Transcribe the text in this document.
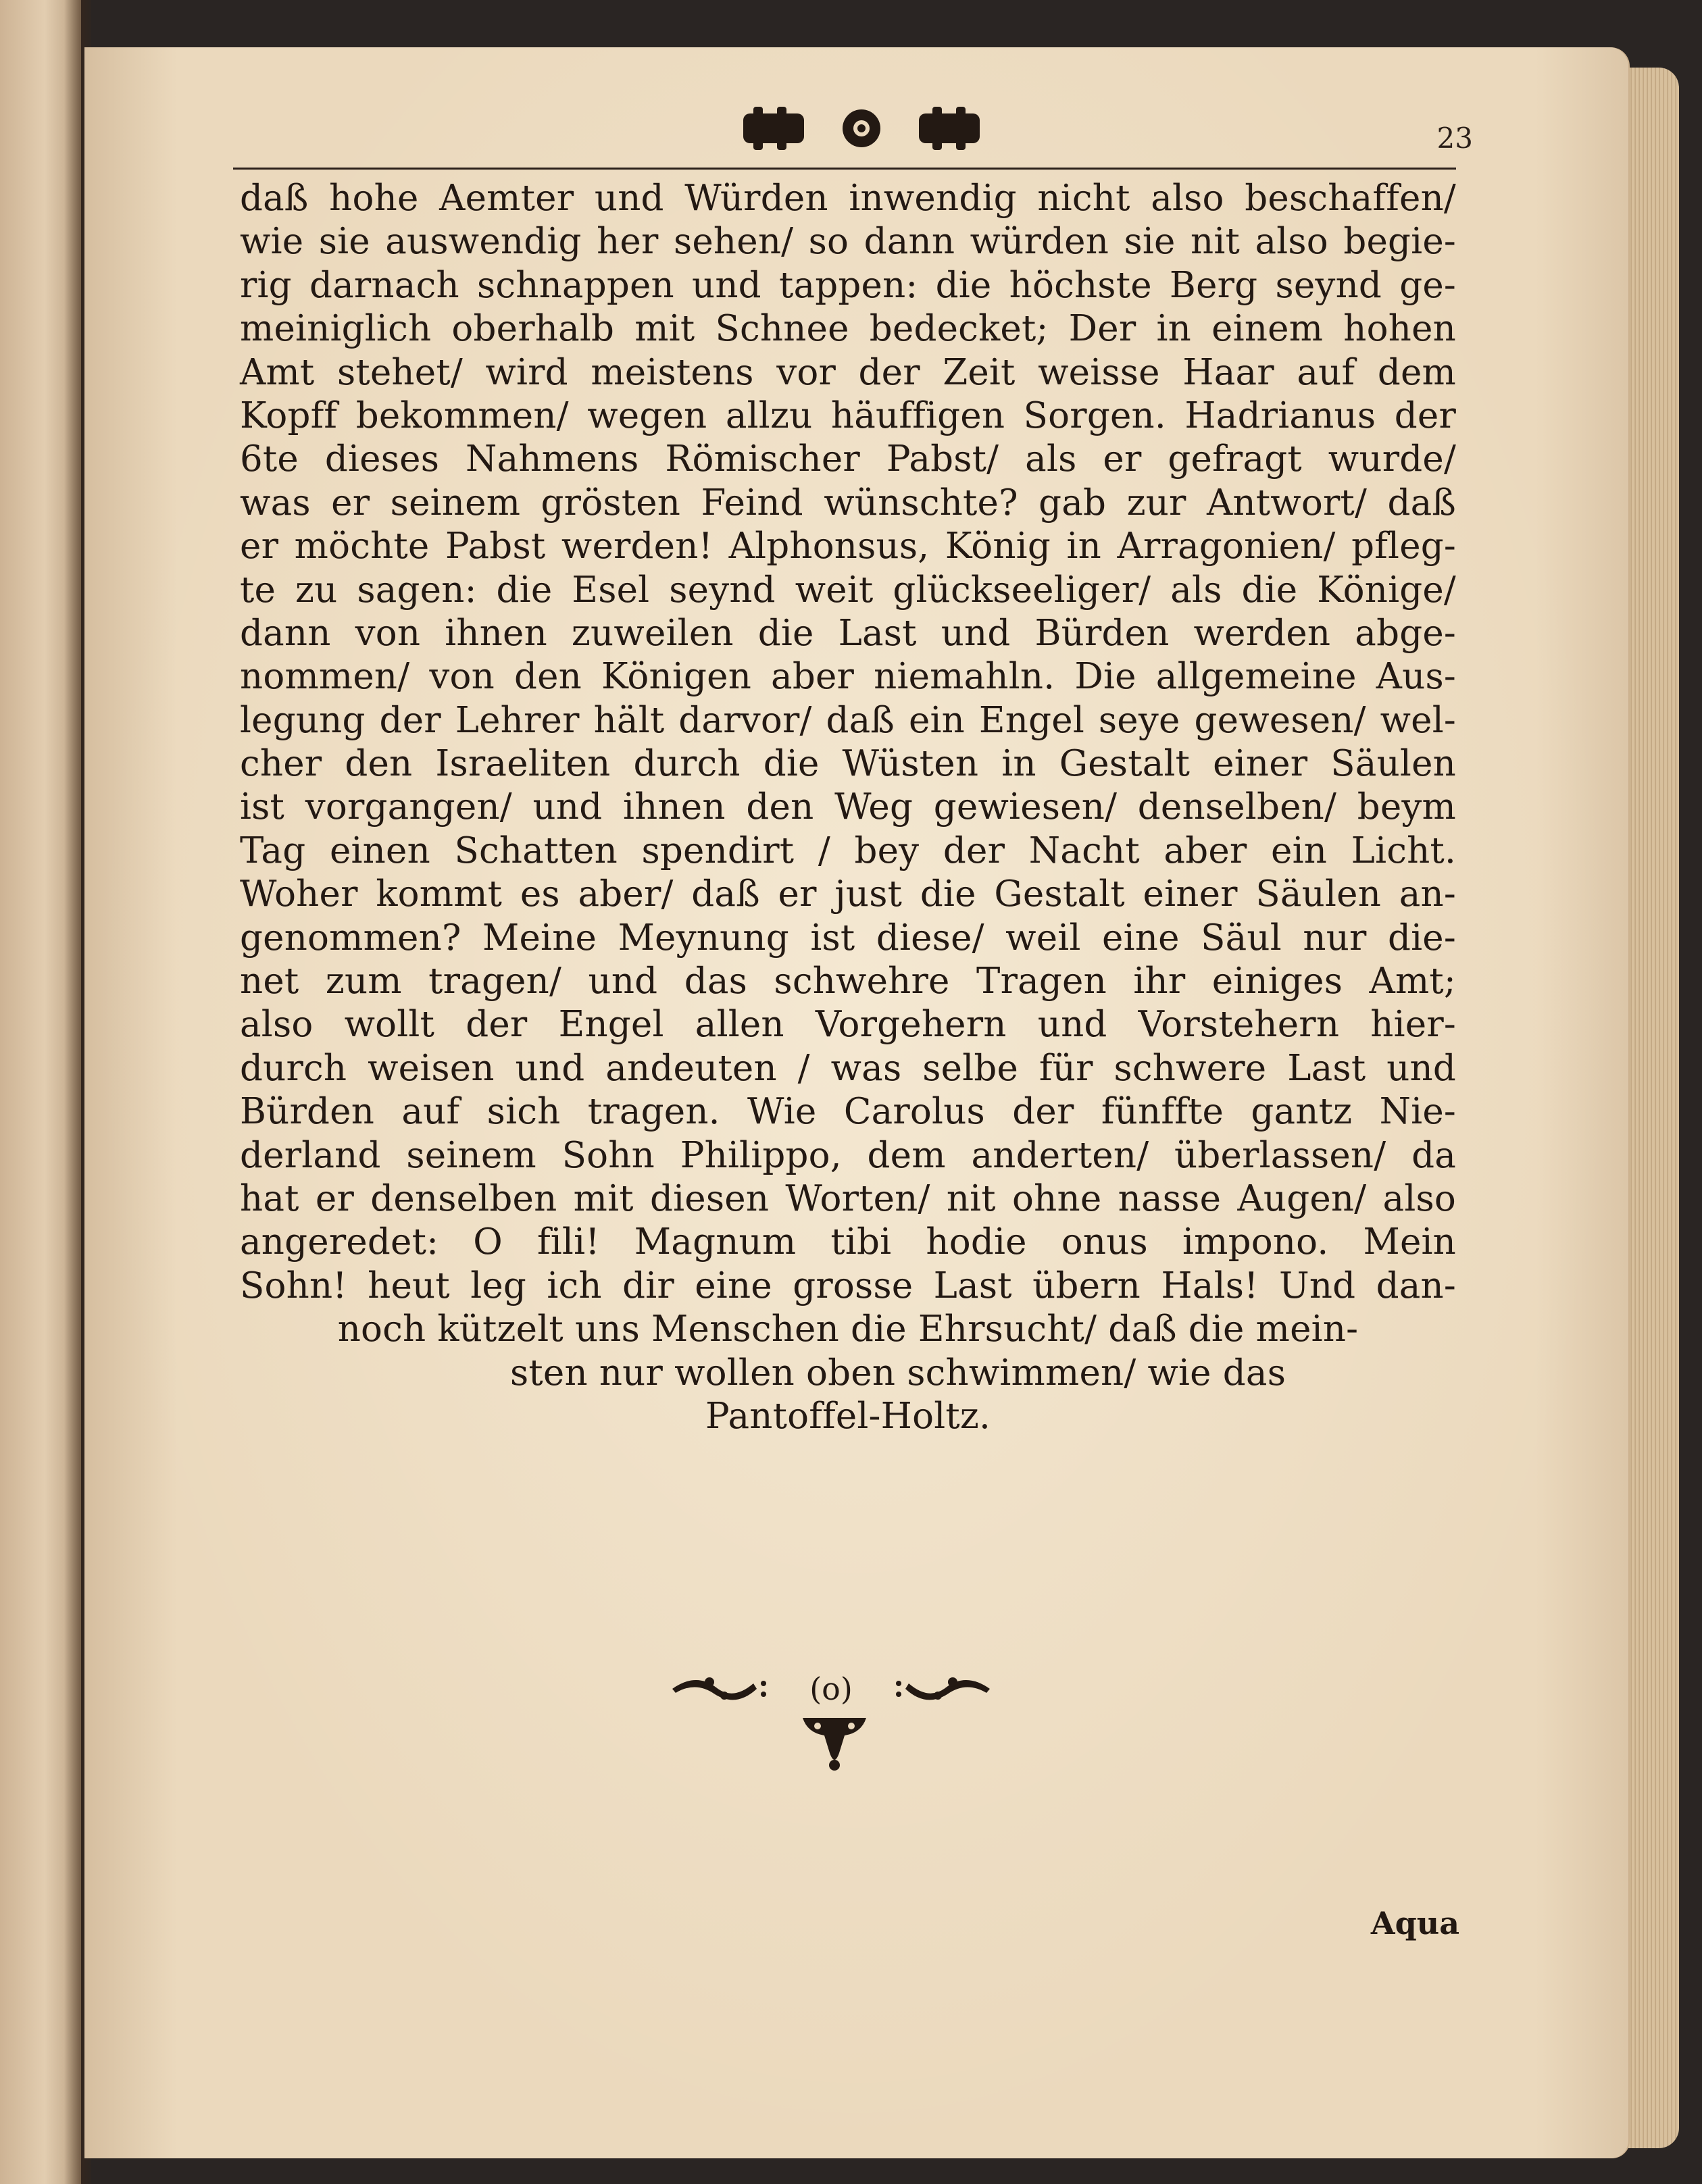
23
daß hohe Aemter und Würden inwendig nicht also beschaffen/
wie sie auswendig her sehen/ so dann würden sie nit also begie-
rig darnach schnappen und tappen: die höchste Berg seynd ge-
meiniglich oberhalb mit Schnee bedecket; Der in einem hohen
Amt stehet/ wird meistens vor der Zeit weisse Haar auf dem
Kopff bekommen/ wegen allzu häuffigen Sorgen. Hadrianus der
6te dieses Nahmens Römischer Pabst/ als er gefragt wurde/
was er seinem grösten Feind wünschte? gab zur Antwort/ daß
er möchte Pabst werden! Alphonsus, König in Arragonien/ pfleg-
te zu sagen: die Esel seynd weit glückseeliger/ als die Könige/
dann von ihnen zuweilen die Last und Bürden werden abge-
nommen/ von den Königen aber niemahln. Die allgemeine Aus-
legung der Lehrer hält darvor/ daß ein Engel seye gewesen/ wel-
cher den Israeliten durch die Wüsten in Gestalt einer Säulen
ist vorgangen/ und ihnen den Weg gewiesen/ denselben/ beym
Tag einen Schatten spendirt / bey der Nacht aber ein Licht.
Woher kommt es aber/ daß er just die Gestalt einer Säulen an-
genommen? Meine Meynung ist diese/ weil eine Säul nur die-
net zum tragen/ und das schwehre Tragen ihr einiges Amt;
also wollt der Engel allen Vorgehern und Vorstehern hier-
durch weisen und andeuten / was selbe für schwere Last und
Bürden auf sich tragen. Wie Carolus der fünffte gantz Nie-
derland seinem Sohn Philippo, dem anderten/ überlassen/ da
hat er denselben mit diesen Worten/ nit ohne nasse Augen/ also
angeredet: O fili! Magnum tibi hodie onus impono. Mein
Sohn! heut leg ich dir eine grosse Last übern Hals! Und dan-
noch kützelt uns Menschen die Ehrsucht/ daß die mein-
sten nur wollen oben schwimmen/ wie das
Pantoffel-Holtz.
(o)
Aqua
